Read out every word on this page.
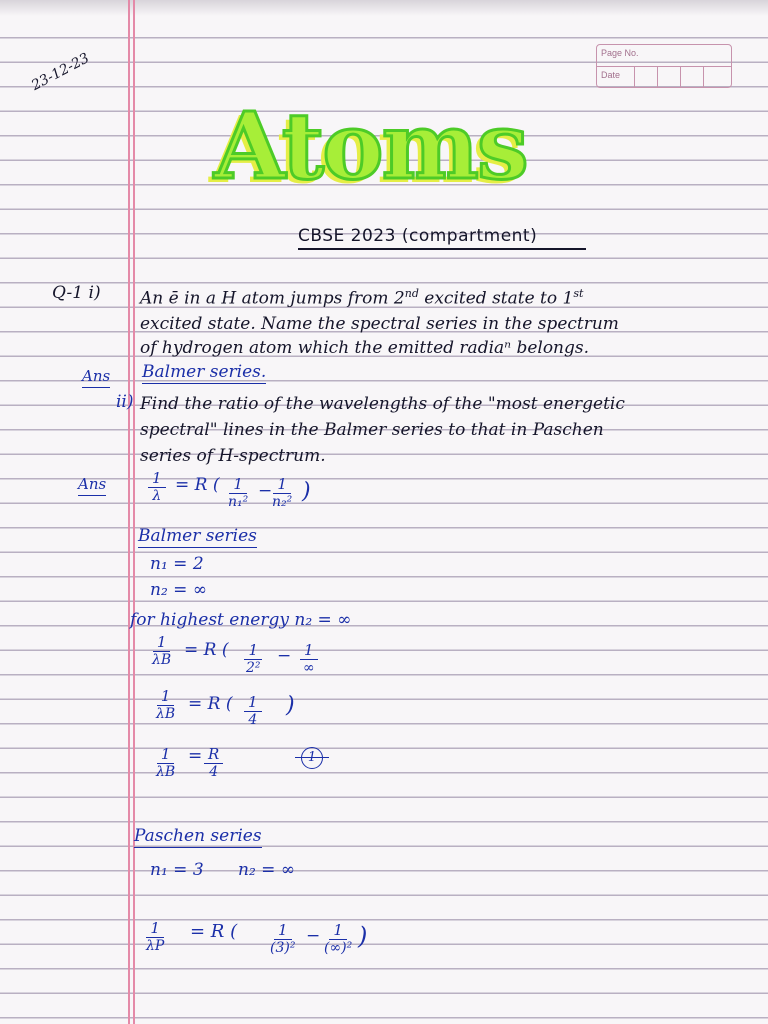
23-12-23	Page No.
Date
Atoms
CBSE 2023 (compartment)
Q-1 i) An ē in a H atom jumps from 2nd excited state to 1st
excited state. Name the spectral series in the spectrum
of hydrogen atom which the emitted radiaⁿ belongs.
Ans Balmer series.
ii) Find the ratio of the wavelengths of the "most energetic
spectral" lines in the Balmer series to that in Paschen
series of H-spectrum.
Ans	$\frac{1}{\lambda} = R$ ( $\frac{1}{\text{n₁²}}$ −
$\frac{1}{\text{n₂²}}$ )
Balmer series
n₁ = 2
n₂ = ∞
for highest energy n₂ = ∞
$\frac{1}{\lambda B} = R$ ( $\frac{1}{\text{2²}} - 1$
∞
$\frac{1}{\lambda B} = R$ ( $\frac{1}{4}$ )
$\frac{1}{\lambda B} = \frac{R}{4}$	1
Paschen series
n₁ = 3 n₂ = ∞
$\frac{1}{\lambda P} = R$ ( $\frac{1}{\text{(3)²}} - 1$
(∞)² )
